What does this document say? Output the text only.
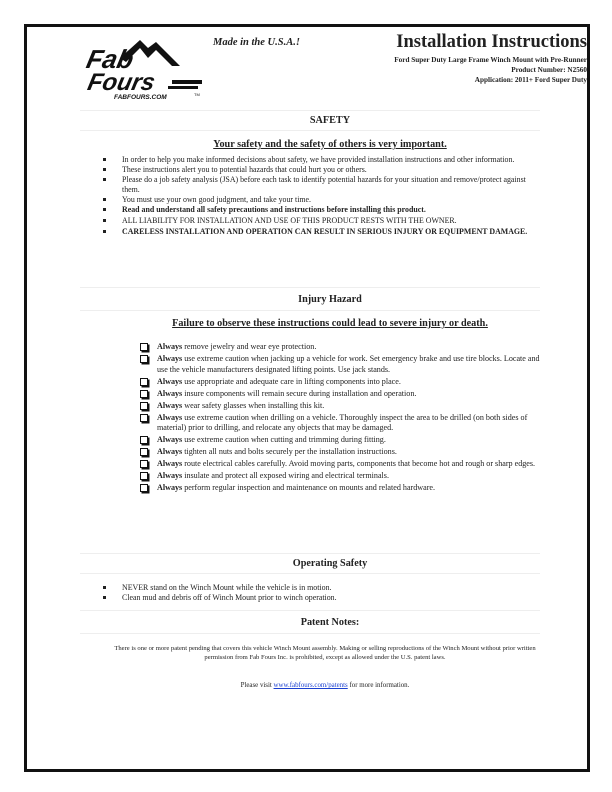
Fab
Fours
FABFOURS.COM	TM
Made in the U.S.A.!	Installation Instructions
Ford Super Duty Large Frame Winch Mount with Pre-Runner
Product Number: N2560
Application: 2011+ Ford Super Duty
SAFETY
Your safety and the safety of others is very important.
In order to help you make informed decisions about safety, we have provided installation instructions and other information.
These instructions alert you to potential hazards that could hurt you or others.
Please do a job safety analysis (JSA) before each task to identify potential hazards for your situation and remove/protect against them.
You must use your own good judgment, and take your time.
Read and understand all safety precautions and instructions before installing this product.
ALL LIABILITY FOR INSTALLATION AND USE OF THIS PRODUCT RESTS WITH THE OWNER.
CARELESS INSTALLATION AND OPERATION CAN RESULT IN SERIOUS INJURY OR EQUIPMENT DAMAGE.
Injury Hazard
Failure to observe these instructions could lead to severe injury or death.
Always remove jewelry and wear eye protection.
Always use extreme caution when jacking up a vehicle for work. Set emergency brake and use tire blocks. Locate and use the vehicle manufacturers designated lifting points. Use jack stands.
Always use appropriate and adequate care in lifting components into place.
Always insure components will remain secure during installation and operation.
Always wear safety glasses when installing this kit.
Always use extreme caution when drilling on a vehicle. Thoroughly inspect the area to be drilled (on both sides of material) prior to drilling, and relocate any objects that may be damaged.
Always use extreme caution when cutting and trimming during fitting.
Always tighten all nuts and bolts securely per the installation instructions.
Always route electrical cables carefully. Avoid moving parts, components that become hot and rough or sharp edges.
Always insulate and protect all exposed wiring and electrical terminals.
Always perform regular inspection and maintenance on mounts and related hardware.
Operating Safety
NEVER stand on the Winch Mount while the vehicle is in motion.
Clean mud and debris off of Winch Mount prior to winch operation.
Patent Notes:
There is one or more patent pending that covers this vehicle Winch Mount assembly. Making or selling reproductions of the Winch Mount without prior written permission from Fab Fours Inc. is prohibited, except as allowed under the U.S. patent laws.
Please visit www.fabfours.com/patents for more information.
